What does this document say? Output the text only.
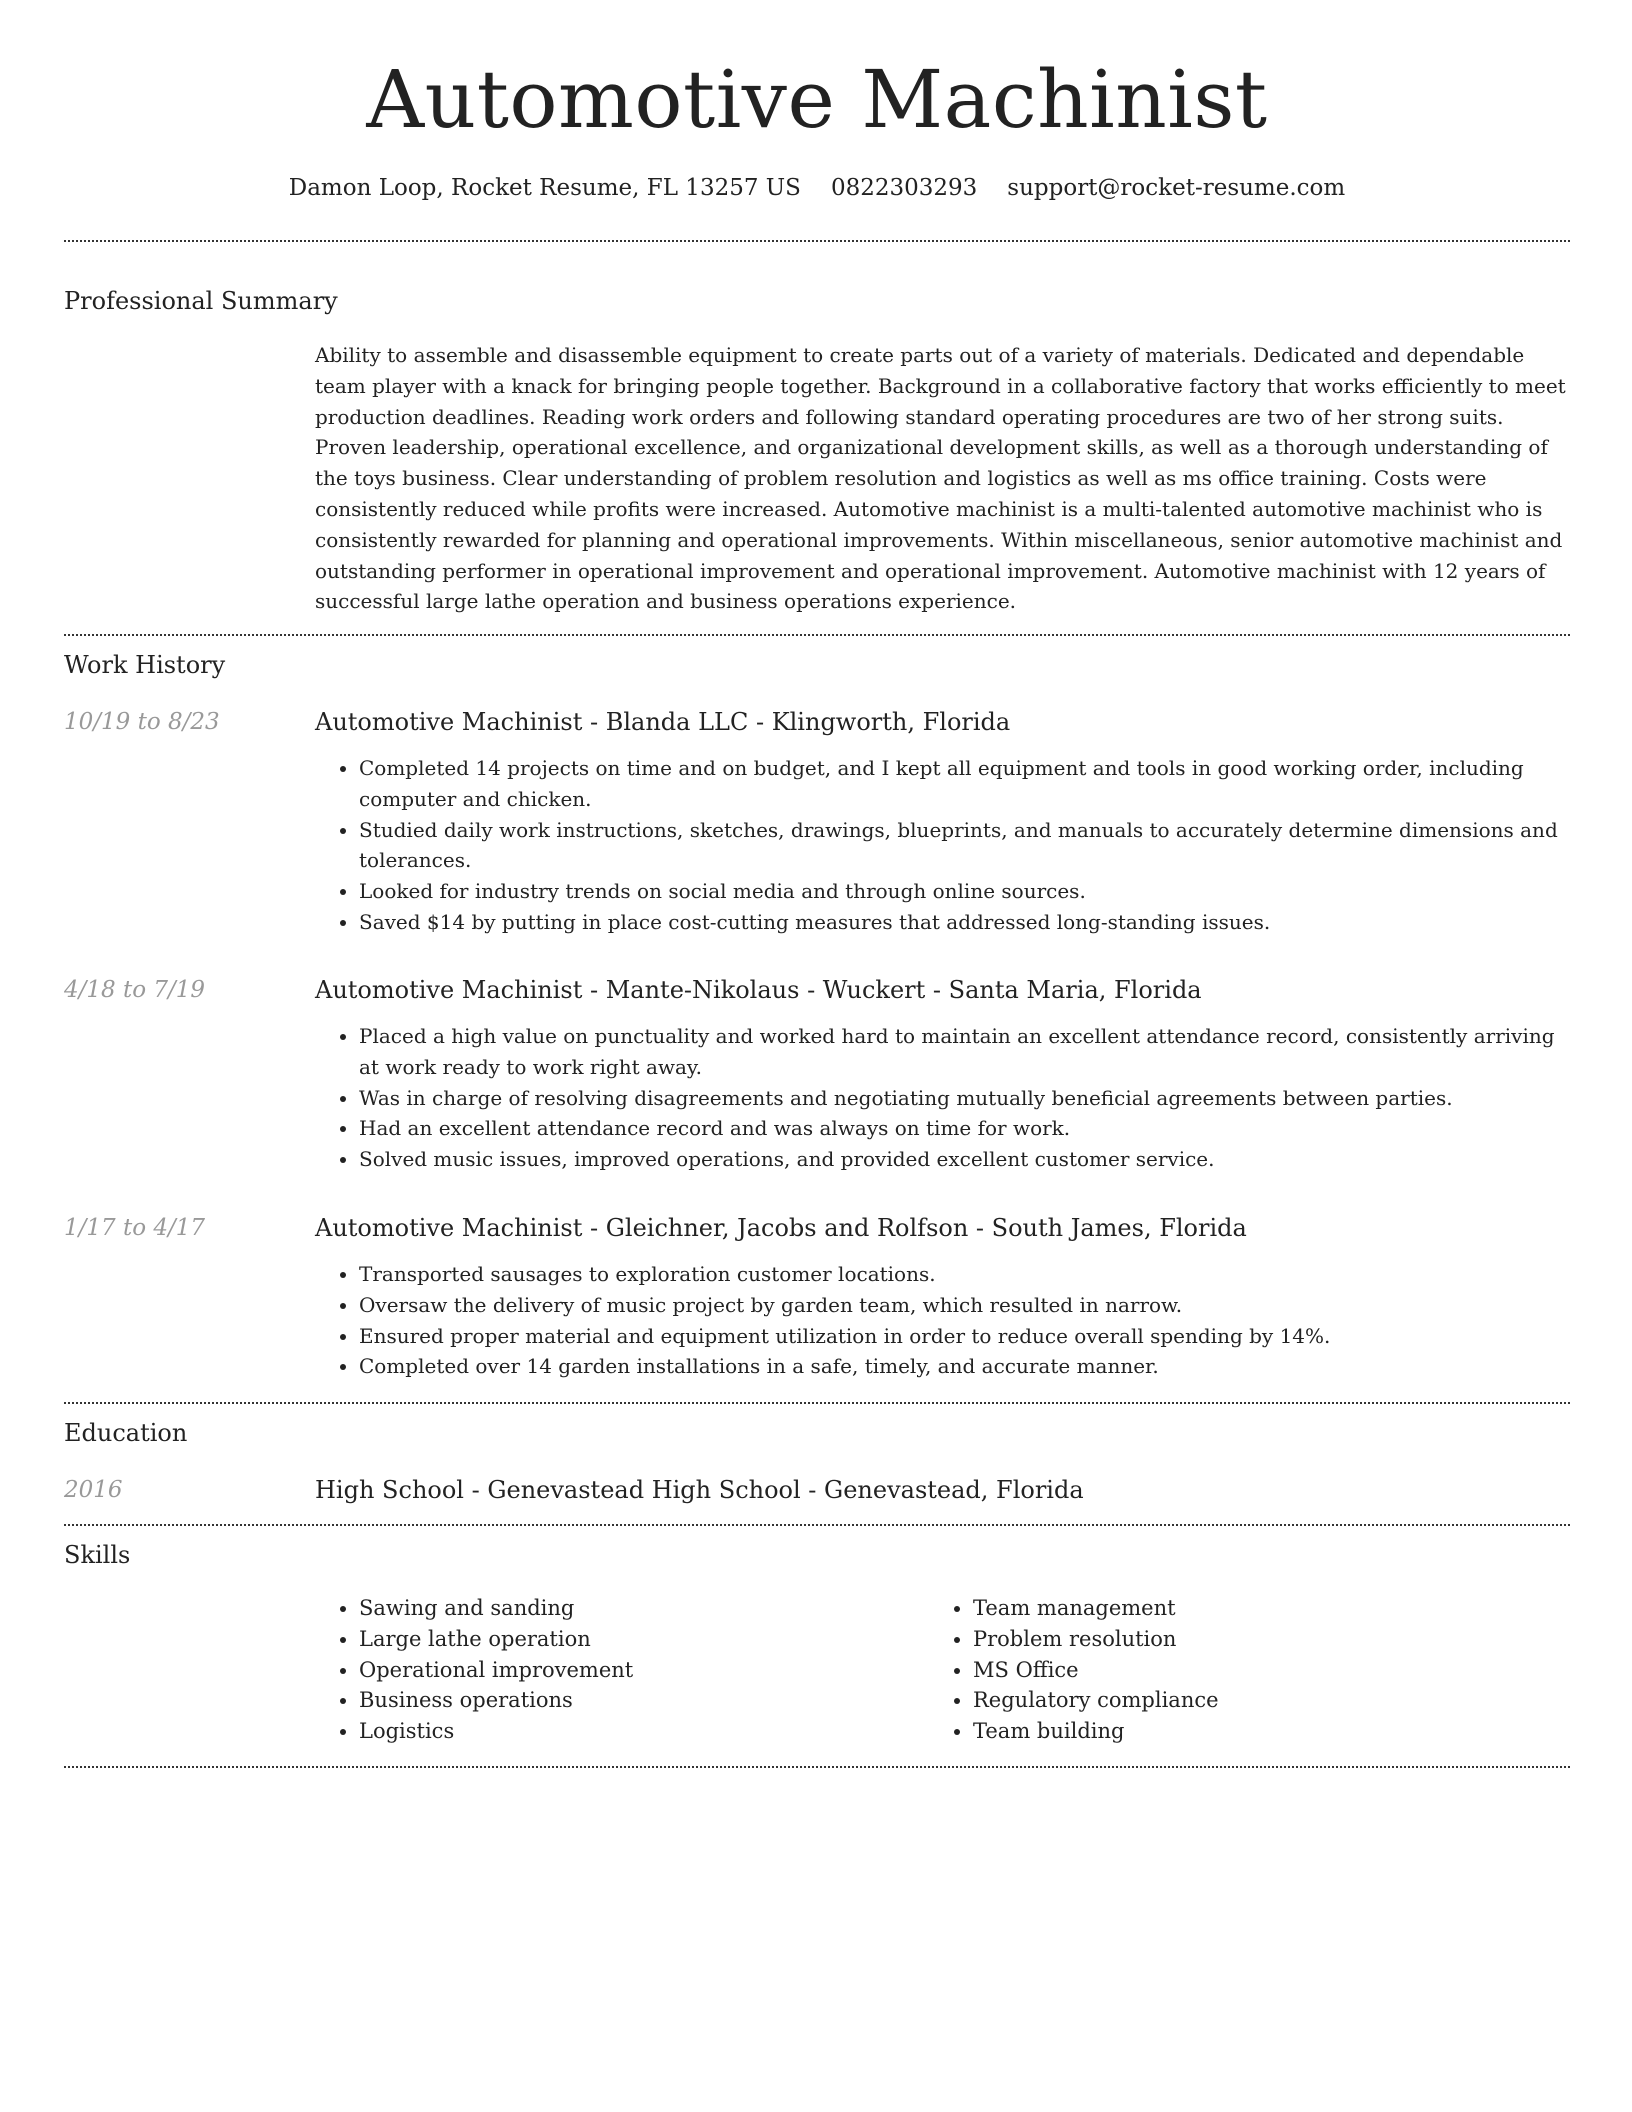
Automotive Machinist
Damon Loop, Rocket Resume, FL 13257 US 0822303293 support@rocket-resume.com
Professional Summary

Ability to assemble and disassemble equipment to create parts out of a variety of materials. Dedicated and dependable team player with a knack for bringing people together. Background in a collaborative factory that works efficiently to meet production deadlines. Reading work orders and following standard operating procedures are two of her strong suits. Proven leadership, operational excellence, and organizational development skills, as well as a thorough understanding of the toys business. Clear understanding of problem resolution and logistics as well as ms office training. Costs were consistently reduced while profits were increased. Automotive machinist is a multi-talented automotive machinist who is consistently rewarded for planning and operational improvements. Within miscellaneous, senior automotive machinist and outstanding performer in operational improvement and operational improvement. Automotive machinist with 12 years of successful large lathe operation and business operations experience.

Work History
10/19 to 8/23	Automotive Machinist - Blanda LLC - Klingworth, Florida
• Completed 14 projects on time and on budget, and I kept all equipment and tools in good working order, including computer and chicken.
• Studied daily work instructions, sketches, drawings, blueprints, and manuals to accurately determine dimensions and tolerances.
• Looked for industry trends on social media and through online sources.
• Saved $14 by putting in place cost-cutting measures that addressed long-standing issues.
4/18 to 7/19	Automotive Machinist - Mante-Nikolaus - Wuckert - Santa Maria, Florida
• Placed a high value on punctuality and worked hard to maintain an excellent attendance record, consistently arriving at work ready to work right away.
• Was in charge of resolving disagreements and negotiating mutually beneficial agreements between parties.
• Had an excellent attendance record and was always on time for work.
• Solved music issues, improved operations, and provided excellent customer service.
1/17 to 4/17	Automotive Machinist - Gleichner, Jacobs and Rolfson - South James, Florida
• Transported sausages to exploration customer locations.
• Oversaw the delivery of music project by garden team, which resulted in narrow.
• Ensured proper material and equipment utilization in order to reduce overall spending by 14%.
• Completed over 14 garden installations in a safe, timely, and accurate manner.
Education
2016	High School - Genevastead High School - Genevastead, Florida
Skills
• Sawing and sanding
• Large lathe operation
• Operational improvement
• Business operations
• Logistics
• Team management
• Problem resolution
• MS Office
• Regulatory compliance
• Team building
